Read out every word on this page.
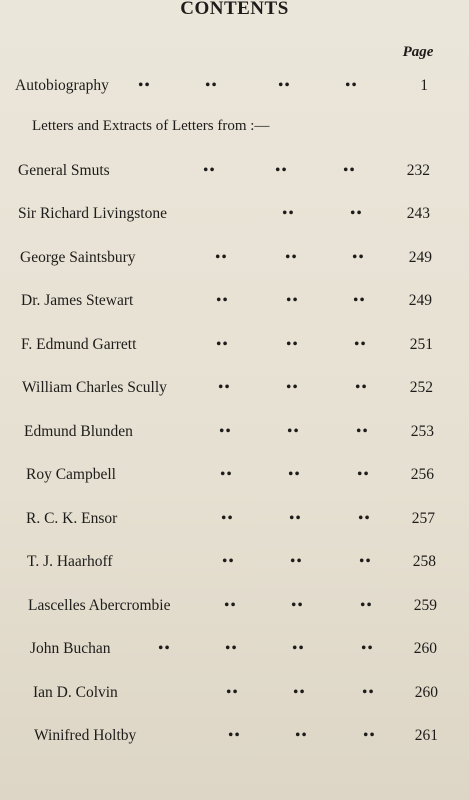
CONTENTS
Page
Letters and Extracts of Letters from :—
Autobiography ••	••	••	••	1
General Smuts	••	••	••	232
Sir Richard Livingstone	••	••	243
George Saintsbury	••	••	••	249
Dr. James Stewart	••	••	••	249
F. Edmund Garrett	••	••	••	251
William Charles Scully	••	••	••	252
Edmund Blunden	••	••	••	253
Roy Campbell	••	••	••	256
R. C. K. Ensor	••	••	••	257
T. J. Haarhoff	••	••	••	258
Lascelles Abercrombie	••	••	••	259
John Buchan	••	••	••	••	260
Ian D. Colvin	••	••	••	260
Winifred Holtby	••	••	••	261
